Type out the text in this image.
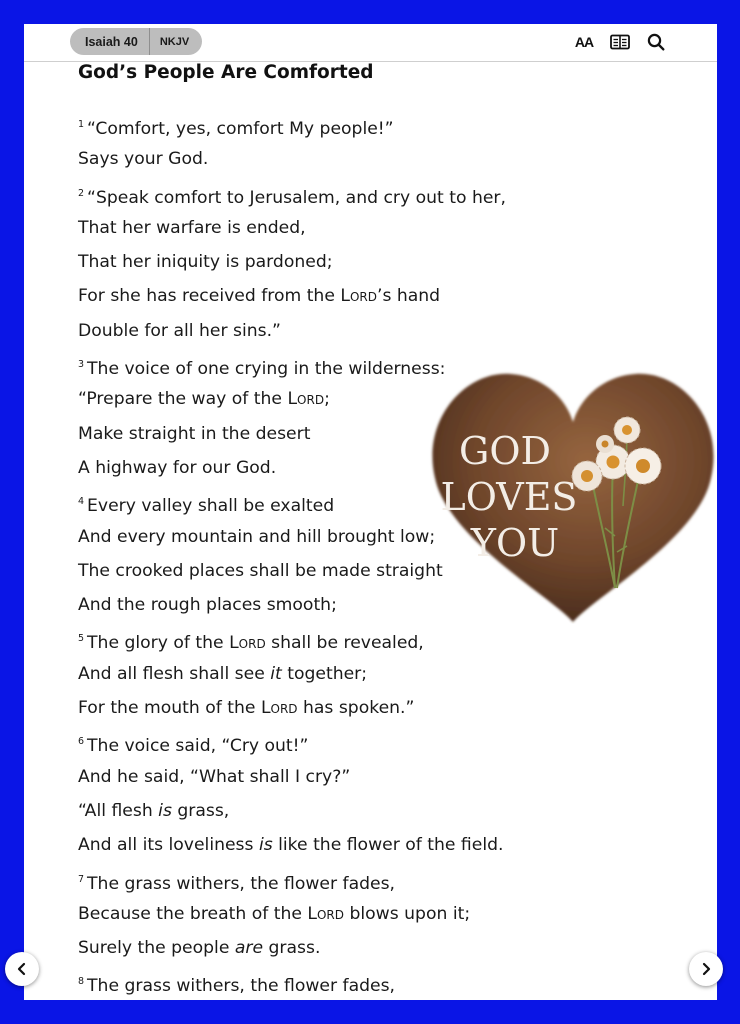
Isaiah 40	NKJV	AA
God’s People Are Comforted
$^1$ “Comfort, yes, comfort My people!”
Says your God.
$^2$ “Speak comfort to Jerusalem, and cry out to her,
That her warfare is ended,
That her iniquity is pardoned;
For she has received from the Lord’s hand
Double for all her sins.”
$^3$ The voice of one crying in the wilderness:
“Prepare the way of the Lord;
Make straight in the desert
A highway for our God.
$^4$ Every valley shall be exalted
And every mountain and hill brought low;
The crooked places shall be made straight
And the rough places smooth;
$^5$ The glory of the Lord shall be revealed,
And all flesh shall see it together;
For the mouth of the Lord has spoken.”
$^6$ The voice said, “Cry out!”
And he said, “What shall I cry?”
“All flesh is grass,
And all its loveliness is like the flower of the field.
$^7$ The grass withers, the flower fades,
Because the breath of the Lord blows upon it;
Surely the people are grass.
$^8$ The grass withers, the flower fades,
GOD
LOVES
YOU
